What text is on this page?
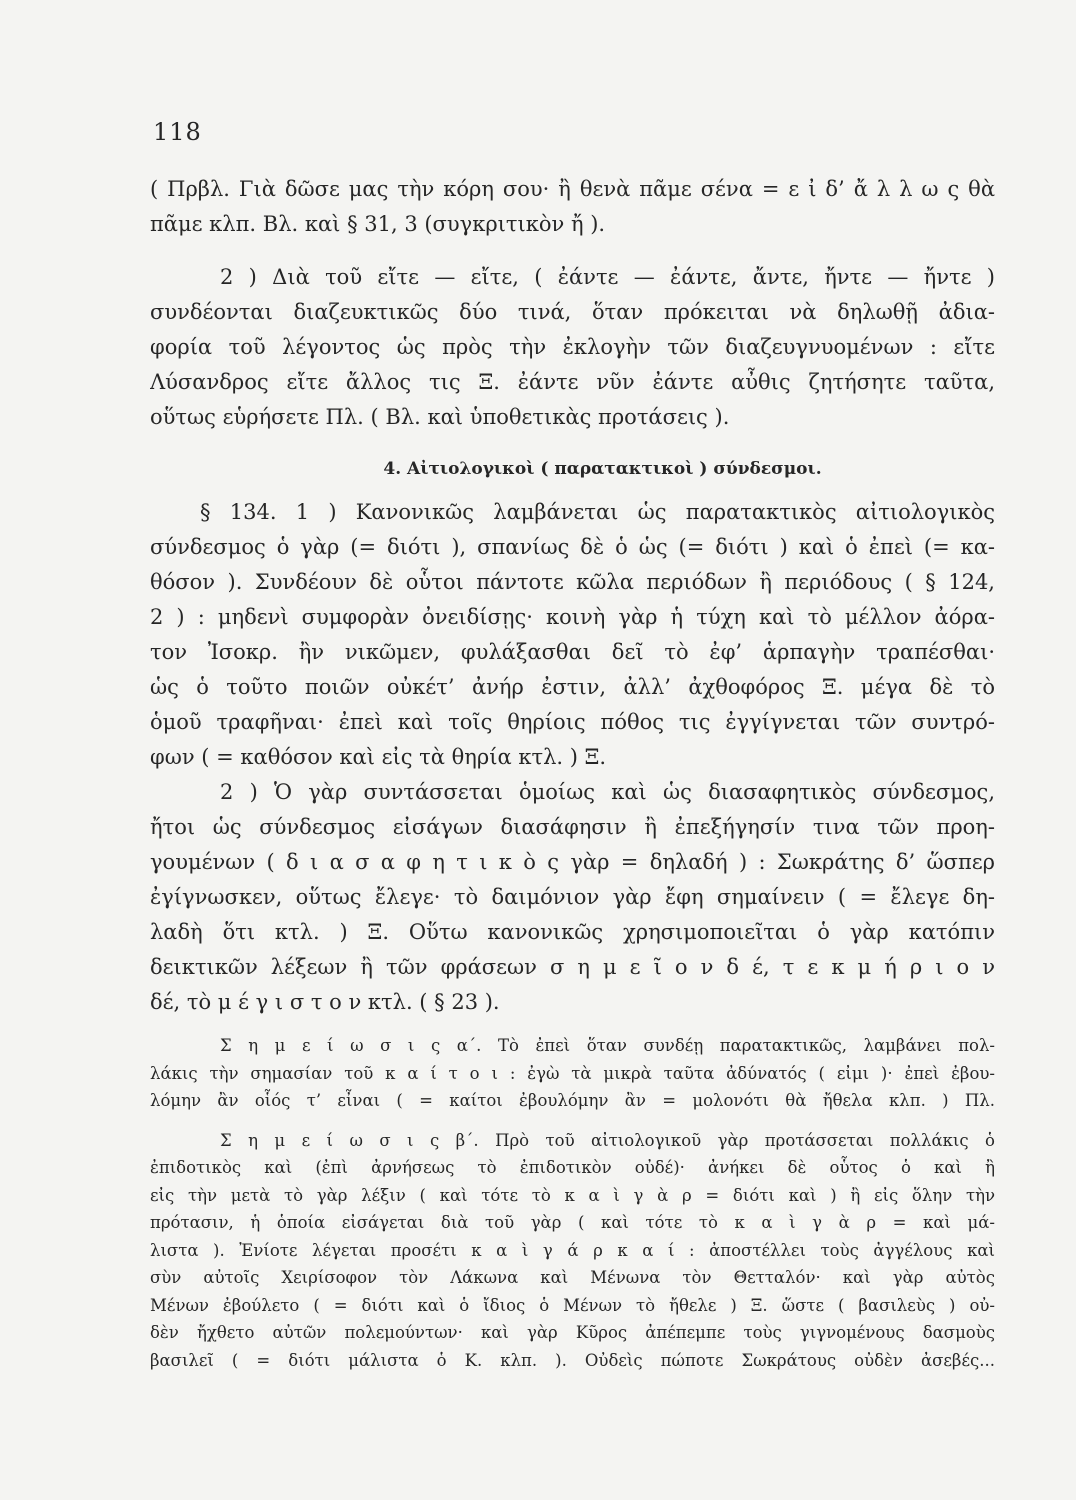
118
( Πρβλ. Γιὰ δῶσε μας τὴν κόρη σου· ἢ θενὰ πᾶμε σένα = ε ἰ δ’ ἄ λ λ ω ς θὰ
πᾶμε κλπ. Βλ. καὶ § 31, 3 (συγκριτικὸν ἤ ).
2 ) Διὰ τοῦ εἴτε — εἴτε, ( ἐάντε — ἐάντε, ἄντε, ἤντε — ἤντε )
συνδέονται διαζευκτικῶς δύο τινά, ὅταν πρόκειται νὰ δηλωθῇ ἀδια-
φορία τοῦ λέγοντος ὡς πρὸς τὴν ἐκλογὴν τῶν διαζευγνυομένων : εἴτε
Λύσανδρος εἴτε ἄλλος τις Ξ. ἐάντε νῦν ἐάντε αὖθις ζητήσητε ταῦτα,
οὕτως εὑρήσετε Πλ. ( Βλ. καὶ ὑποθετικὰς προτάσεις ).
4. Αἰτιολογικοὶ ( παρατακτικοὶ ) σύνδεσμοι.
§ 134. 1 ) Κανονικῶς λαμβάνεται ὡς παρατακτικὸς αἰτιολογικὸς
σύνδεσμος ὁ γὰρ (= διότι ), σπανίως δὲ ὁ ὡς (= διότι ) καὶ ὁ ἐπεὶ (= κα-
θόσον ). Συνδέουν δὲ οὗτοι πάντοτε κῶλα περιόδων ἢ περιόδους ( § 124,
2 ) : μηδενὶ συμφορὰν ὀνειδίσῃς· κοινὴ γὰρ ἡ τύχη καὶ τὸ μέλλον ἀόρα-
τον Ἰσοκρ. ἢν νικῶμεν, φυλάξασθαι δεῖ τὸ ἐφ’ ἁρπαγὴν τραπέσθαι·
ὡς ὁ τοῦτο ποιῶν οὐκέτ’ ἀνήρ ἐστιν, ἀλλ’ ἀχθοφόρος Ξ. μέγα δὲ τὸ
ὁμοῦ τραφῆναι· ἐπεὶ καὶ τοῖς θηρίοις πόθος τις ἐγγίγνεται τῶν συντρό-
φων ( = καθόσον καὶ εἰς τὰ θηρία κτλ. ) Ξ.
2 ) Ὁ γὰρ συντάσσεται ὁμοίως καὶ ὡς διασαφητικὸς σύνδεσμος,
ἤτοι ὡς σύνδεσμος εἰσάγων διασάφησιν ἢ ἐπεξήγησίν τινα τῶν προη-
γουμένων ( δ ι α σ α φ η τ ι κ ὸ ς γὰρ = δηλαδή ) : Σωκράτης δ’ ὥσπερ
ἐγίγνωσκεν, οὕτως ἔλεγε· τὸ δαιμόνιον γὰρ ἔφη σημαίνειν ( = ἔλεγε δη-
λαδὴ ὅτι κτλ. ) Ξ. Οὕτω κανονικῶς χρησιμοποιεῖται ὁ γὰρ κατόπιν
δεικτικῶν λέξεων ἢ τῶν φράσεων σ η μ ε ῖ ο ν δ έ, τ ε κ μ ή ρ ι ο ν
δέ, τὸ μ έ γ ι σ τ ο ν κτλ. ( § 23 ).
Σ η μ ε ί ω σ ι ς α΄. Τὸ ἐπεὶ ὅταν συνδέῃ παρατακτικῶς, λαμβάνει πολ-
λάκις τὴν σημασίαν τοῦ κ α ί τ ο ι : ἐγὼ τὰ μικρὰ ταῦτα ἀδύνατός ( εἰμι )· ἐπεὶ ἐβου-
λόμην ἂν οἷός τ’ εἶναι ( = καίτοι ἐβουλόμην ἂν = μολονότι θὰ ἤθελα κλπ. ) Πλ.
Σ η μ ε ί ω σ ι ς β΄. Πρὸ τοῦ αἰτιολογικοῦ γὰρ προτάσσεται πολλάκις ὁ
ἐπιδοτικὸς καὶ (ἐπὶ ἀρνήσεως τὸ ἐπιδοτικὸν οὐδέ)· ἀνήκει δὲ οὗτος ὁ καὶ ἢ
εἰς τὴν μετὰ τὸ γὰρ λέξιν ( καὶ τότε τὸ κ α ὶ γ ὰ ρ = διότι καὶ ) ἢ εἰς ὅλην τὴν
πρότασιν, ἡ ὁποία εἰσάγεται διὰ τοῦ γὰρ ( καὶ τότε τὸ κ α ὶ γ ὰ ρ = καὶ μά-
λιστα ). Ἐνίοτε λέγεται προσέτι κ α ὶ γ ά ρ κ α ί : ἀποστέλλει τοὺς ἀγγέλους καὶ
σὺν αὐτοῖς Χειρίσοφον τὸν Λάκωνα καὶ Μένωνα τὸν Θετταλόν· καὶ γὰρ αὐτὸς
Μένων ἐβούλετο ( = διότι καὶ ὁ ἴδιος ὁ Μένων τὸ ἤθελε ) Ξ. ὥστε ( βασιλεὺς ) οὐ-
δὲν ἤχθετο αὐτῶν πολεμούντων· καὶ γὰρ Κῦρος ἀπέπεμπε τοὺς γιγνομένους δασμοὺς
βασιλεῖ ( = διότι μάλιστα ὁ Κ. κλπ. ). Οὐδεὶς πώποτε Σωκράτους οὐδὲν ἀσεβές...
